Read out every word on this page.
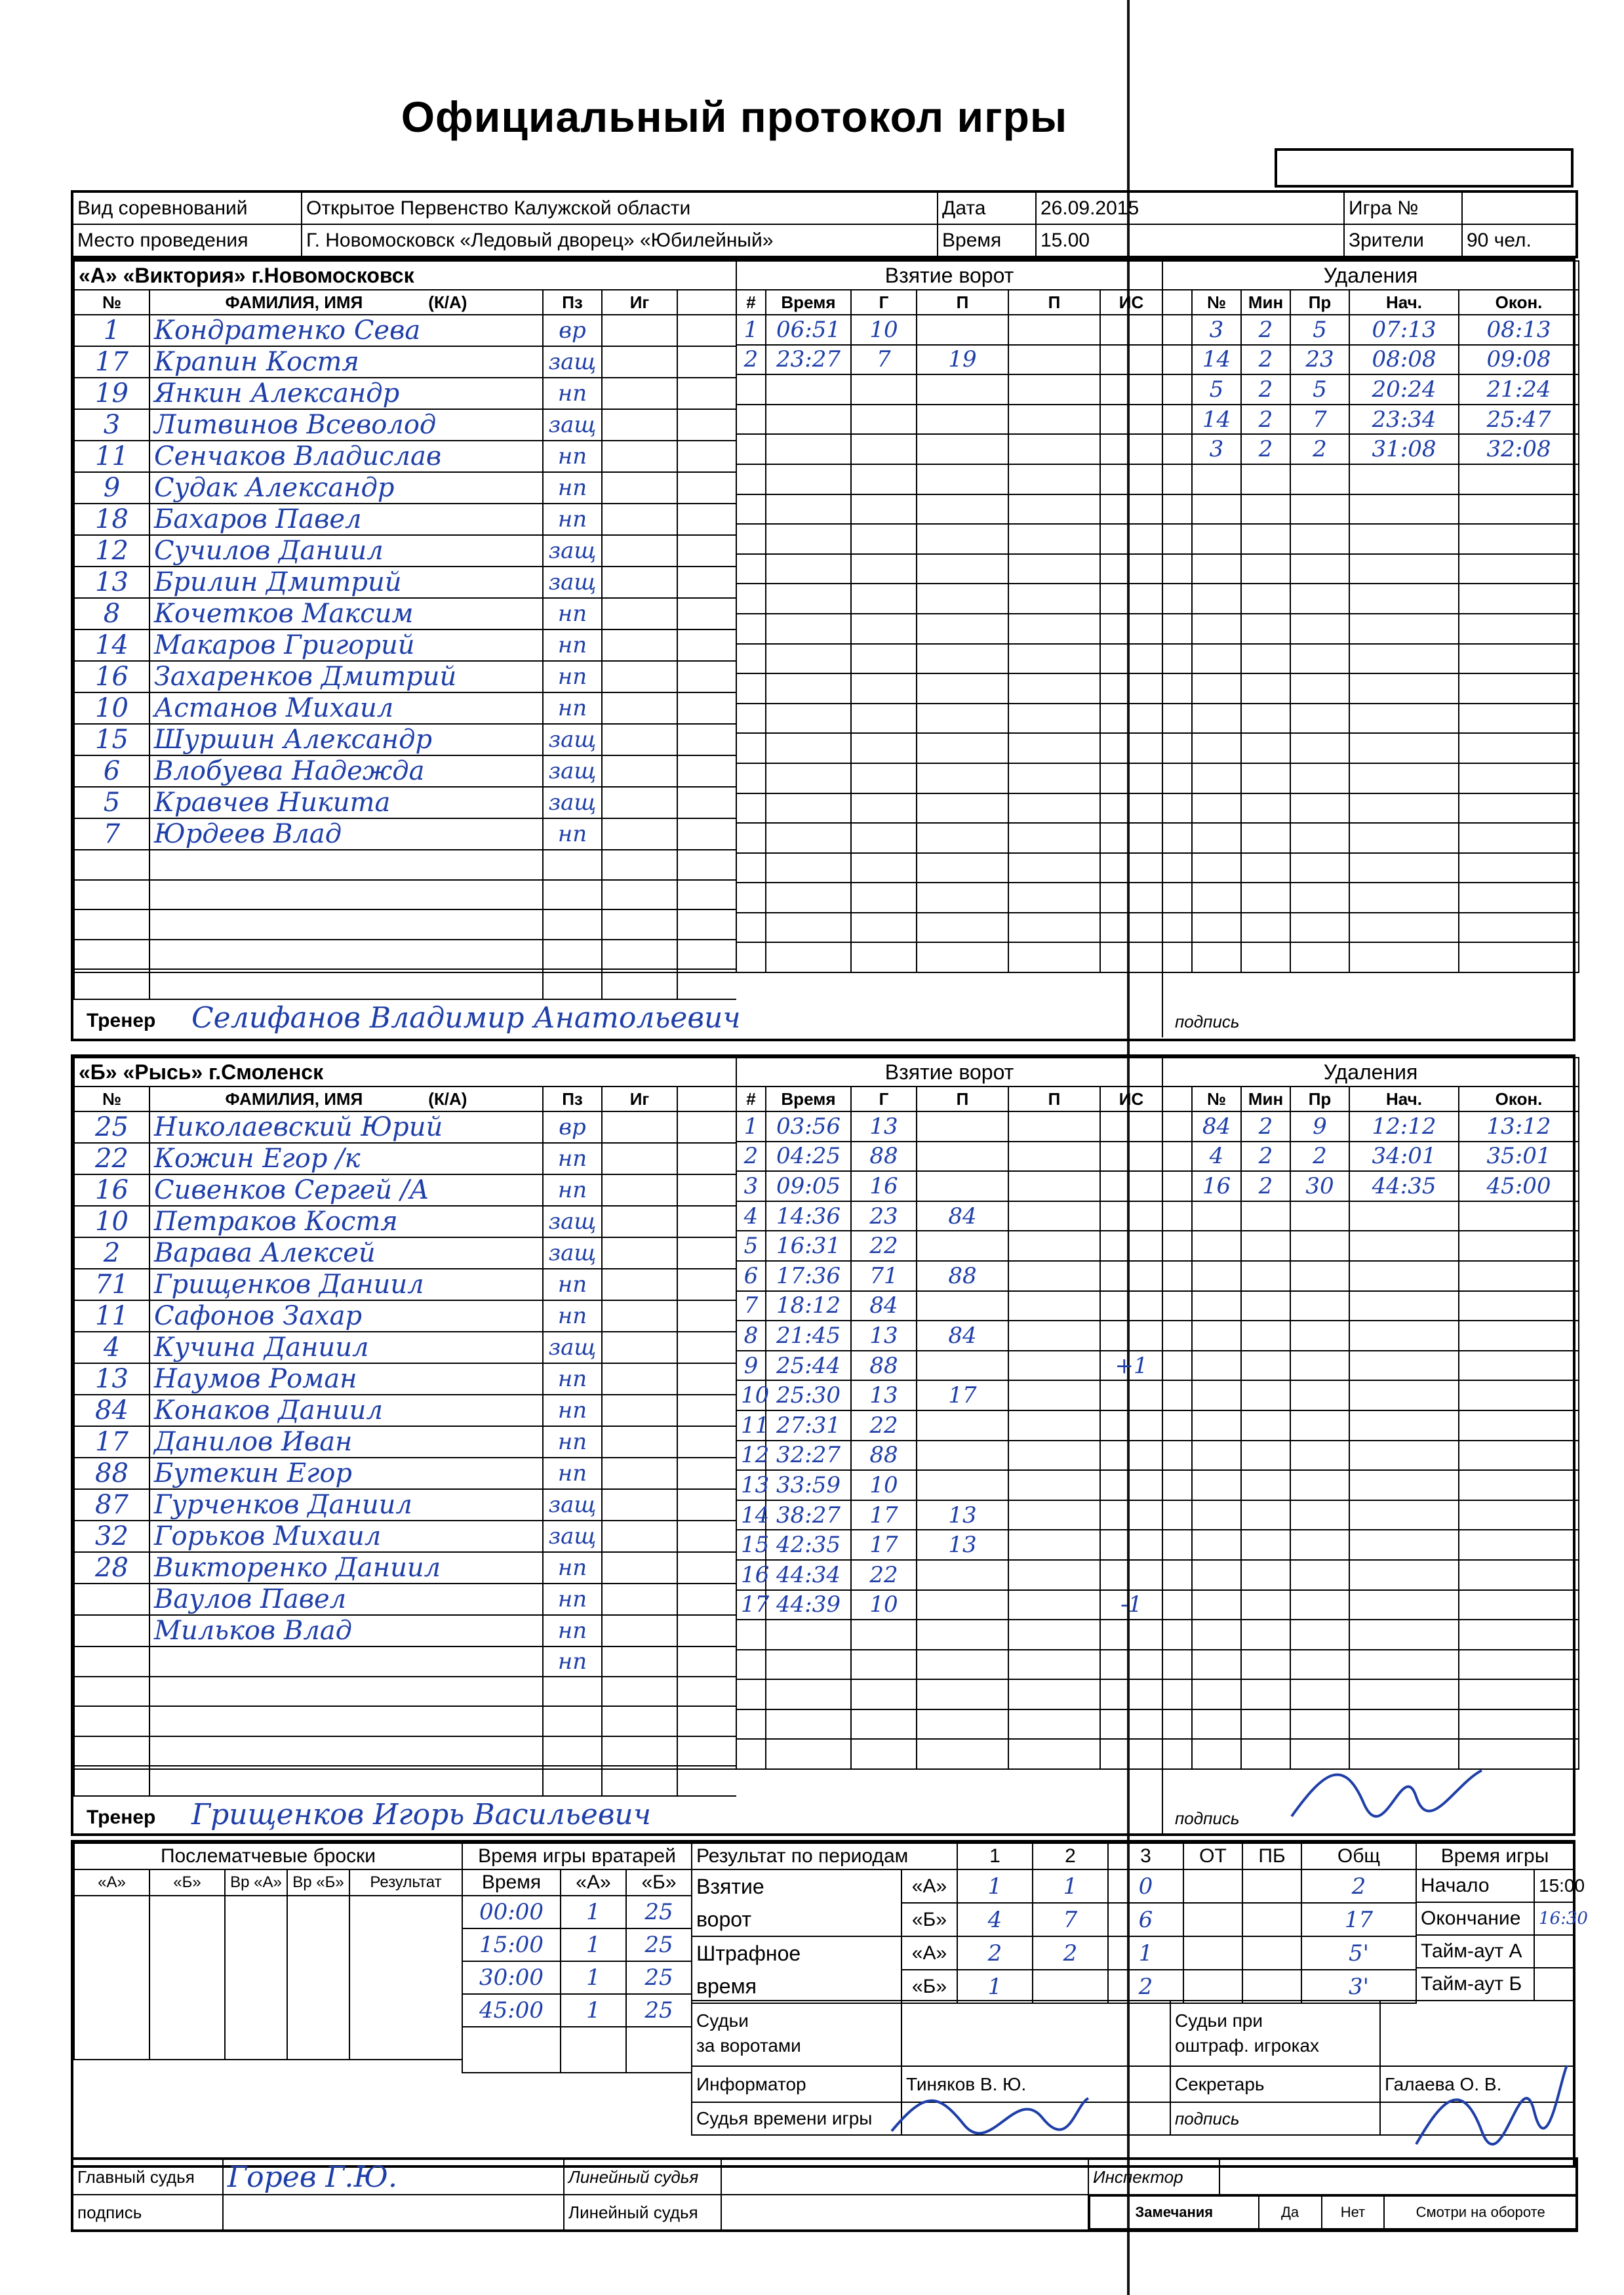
Официальный протокол игры
Вид соревнований	Открытое Первенство Калужской области	Дата	26.09.2015	Игра №	
Место проведения	Г. Новомосковск «Ледовый дворец» «Юбилейный»	Время	15.00	Зрители	90 чел.
«А» «Виктория» г.Новомосковск				
№	ФАМИЛИЯ, ИМЯ (К/А)	Пз	Иг	
1	Кондратенко Сева	вр		
17	Крапин Костя	защ		
19	Янкин Александр	нп		
3	Литвинов Всеволод	защ		
11	Сенчаков Владислав	нп		
9	Судак Александр	нп		
18	Бахаров Павел	нп		
12	Сучилов Даниил	защ		
13	Брилин Дмитрий	защ		
8	Кочетков Максим	нп		
14	Макаров Григорий	нп		
16	Захаренков Дмитрий	нп		
10	Астанов Михаил	нп		
15	Шуршин Александр	защ		
6	Влобуева Надежда	защ		
5	Кравчев Никита	защ		
7	Юрдеев Влад	нп		

Взятие ворот					
#	Время	Г	П	П	ИС
1	06:51	10			
2	23:27	7	19		

Удаления					
	№	Мин	Пр	Нач.	Окон.
	3	2	5	07:13	08:13
	14	2	23	08:08	09:08
	5	2	5	20:24	21:24
	14	2	7	23:34	25:47
	3	2	2	31:08	32:08

Тренер Селифанов Владимир Анатольевич	подпись
«Б» «Рысь» г.Смоленск				
№	ФАМИЛИЯ, ИМЯ (К/А)	Пз	Иг	
25	Николаевский Юрий	вр		
22	Кожин Егор /к	нп		
16	Сивенков Сергей /А	нп		
10	Петраков Костя	защ		
2	Варава Алексей	защ		
71	Грищенков Даниил	нп		
11	Сафонов Захар	нп		
4	Кучина Даниил	защ		
13	Наумов Роман	нп		
84	Конаков Даниил	нп		
17	Данилов Иван	нп		
88	Бутекин Егор	нп		
87	Гурченков Даниил	защ		
32	Горьков Михаил	защ		
28	Викторенко Даниил	нп		
	Ваулов Павел	нп		
	Мильков Влад	нп		
		нп		

Взятие ворот					
#	Время	Г	П	П	ИС
1	03:56	13			
2	04:25	88			
3	09:05	16			
4	14:36	23	84		
5	16:31	22			
6	17:36	71	88		
7	18:12	84			
8	21:45	13	84		
9	25:44	88			+1
10	25:30	13	17		
11	27:31	22			
12	32:27	88			
13	33:59	10			
14	38:27	17	13		
15	42:35	17	13		
16	44:34	22			
17	44:39	10			-1

Удаления					
	№	Мин	Пр	Нач.	Окон.
	84	2	9	12:12	13:12
	4	2	2	34:01	35:01
	16	2	30	44:35	45:00

Тренер Грищенков Игорь Васильевич	подпись
Послематчевые броски				
«А»	«Б»	Вр «А»	Вр «Б»	Результат

Время игры вратарей		
Время	«А»	«Б»
00:00	1	25
15:00	1	25
30:00	1	25
45:00	1	25

Результат по периодам		1	2	3	ОТ	ПБ	Общ
Взятие
ворот	«А»	1	1	0			2
	«Б»	4	7	6			17
Штрафное
время	«А»	2	2	1			5'
	«Б»	1		2			3'
Время игры	
Начало	15:00
Окончание	16:30
Тайм-аут А	
Тайм-аут Б	
Судьи
за воротами		Судьи при
оштраф. игроках	
Информатор	Тиняков В. Ю.	Секретарь	Галаева О. В.
Судья времени игры		подпись	
Главный судья	Горев Г.Ю.	Линейный судья		Инспектор	
подпись		Линейный судья			Замечания	Да	Нет	Смотри на обороте
